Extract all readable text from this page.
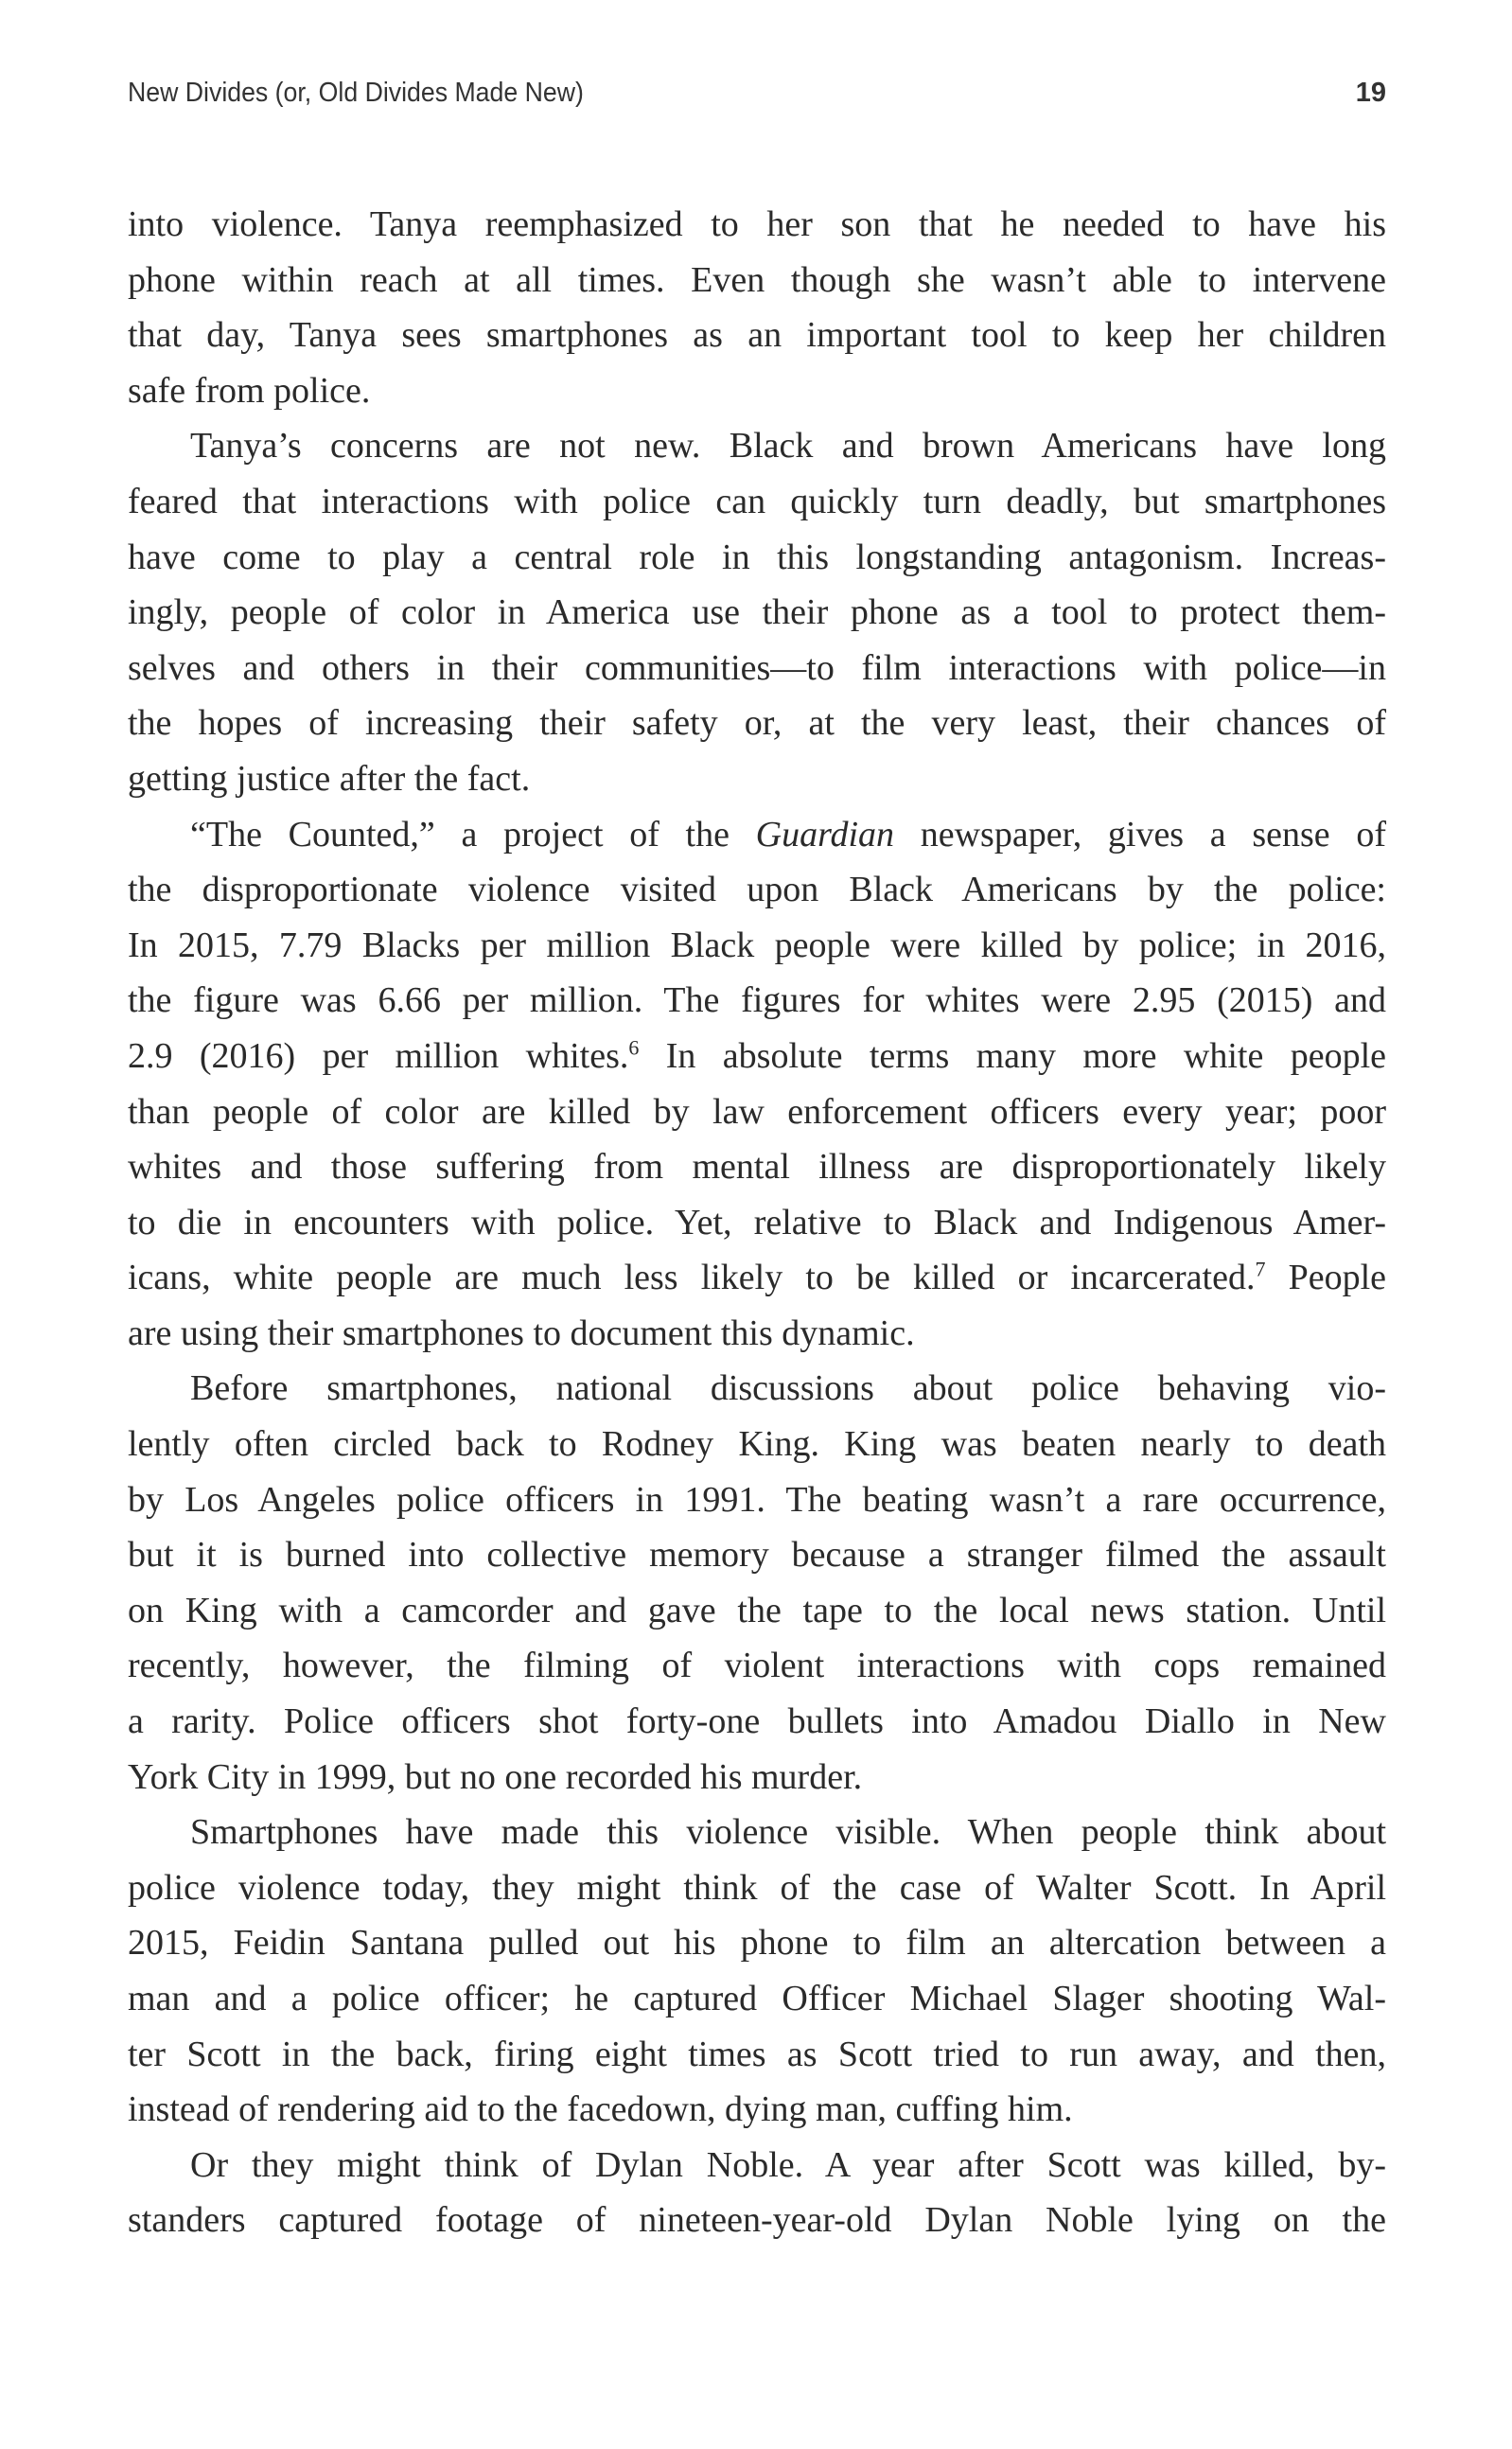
New Divides (or, Old Divides Made New)	19
into violence. Tanya reemphasized to her son that he needed to have his
phone within reach at all times. Even though she wasn’t able to intervene
that day, Tanya sees smartphones as an important tool to keep her children
safe from police.
Tanya’s concerns are not new. Black and brown Americans have long
feared that interactions with police can quickly turn deadly, but smartphones
have come to play a central role in this longstanding antagonism. Increas-
ingly, people of color in America use their phone as a tool to protect them-
selves and others in their communities—to film interactions with police—in
the hopes of increasing their safety or, at the very least, their chances of
getting justice after the fact.
“The Counted,” a project of the Guardian newspaper, gives a sense of
the disproportionate violence visited upon Black Americans by the police:
In 2015, 7.79 Blacks per million Black people were killed by police; in 2016,
the figure was 6.66 per million. The figures for whites were 2.95 (2015) and
2.9 (2016) per million whites.$^6$ In absolute terms many more white people
than people of color are killed by law enforcement officers every year; poor
whites and those suffering from mental illness are disproportionately likely
to die in encounters with police. Yet, relative to Black and Indigenous Amer-
icans, white people are much less likely to be killed or incarcerated.$^7$ People
are using their smartphones to document this dynamic.
Before smartphones, national discussions about police behaving vio-
lently often circled back to Rodney King. King was beaten nearly to death
by Los Angeles police officers in 1991. The beating wasn’t a rare occurrence,
but it is burned into collective memory because a stranger filmed the assault
on King with a camcorder and gave the tape to the local news station. Until
recently, however, the filming of violent interactions with cops remained
a rarity. Police officers shot forty-one bullets into Amadou Diallo in New
York City in 1999, but no one recorded his murder.
Smartphones have made this violence visible. When people think about
police violence today, they might think of the case of Walter Scott. In April
2015, Feidin Santana pulled out his phone to film an altercation between a
man and a police officer; he captured Officer Michael Slager shooting Wal-
ter Scott in the back, firing eight times as Scott tried to run away, and then,
instead of rendering aid to the facedown, dying man, cuffing him.
Or they might think of Dylan Noble. A year after Scott was killed, by-
standers captured footage of nineteen-year-old Dylan Noble lying on the
